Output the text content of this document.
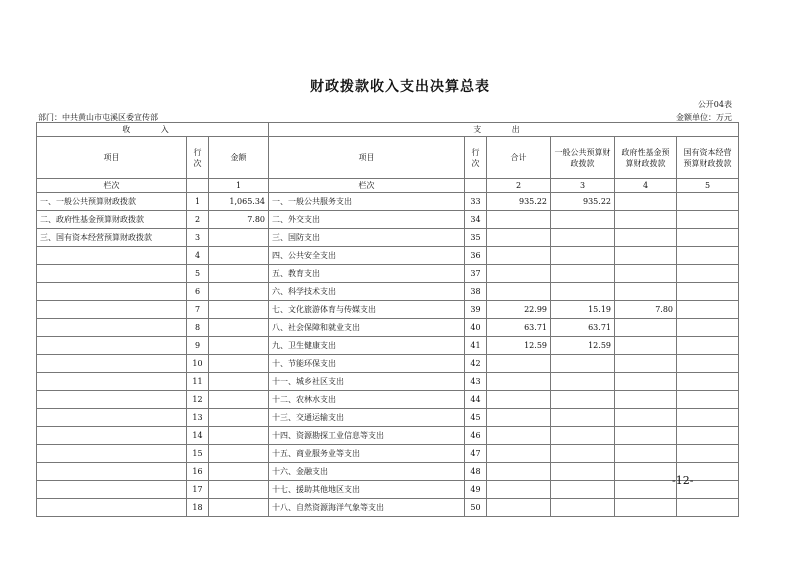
财政拨款收入支出决算总表
公开04表
金额单位：万元
部门：中共黄山市屯溪区委宣传部
收 入			支 出					
项目	行次	金额	项目	行次	合计	一般公共预算财政拨款	政府性基金预算财政拨款	国有资本经营预算财政拨款
栏次		1	栏次		2	3	4	5
一、一般公共预算财政拨款	1	1,065.34	一、一般公共服务支出	33	935.22	935.22		
二、政府性基金预算财政拨款	2	7.80	二、外交支出	34				
三、国有资本经营预算财政拨款	3		三、国防支出	35				
	4		四、公共安全支出	36				
	5		五、教育支出	37				
	6		六、科学技术支出	38				
	7		七、文化旅游体育与传媒支出	39	22.99	15.19	7.80	
	8		八、社会保障和就业支出	40	63.71	63.71		
	9		九、卫生健康支出	41	12.59	12.59		
	10		十、节能环保支出	42				
	11		十一、城乡社区支出	43				
	12		十二、农林水支出	44				
	13		十三、交通运输支出	45				
	14		十四、资源勘探工业信息等支出	46				
	15		十五、商业服务业等支出	47				
	16		十六、金融支出	48				
	17		十七、援助其他地区支出	49				
	18		十八、自然资源海洋气象等支出	50				
-12-
